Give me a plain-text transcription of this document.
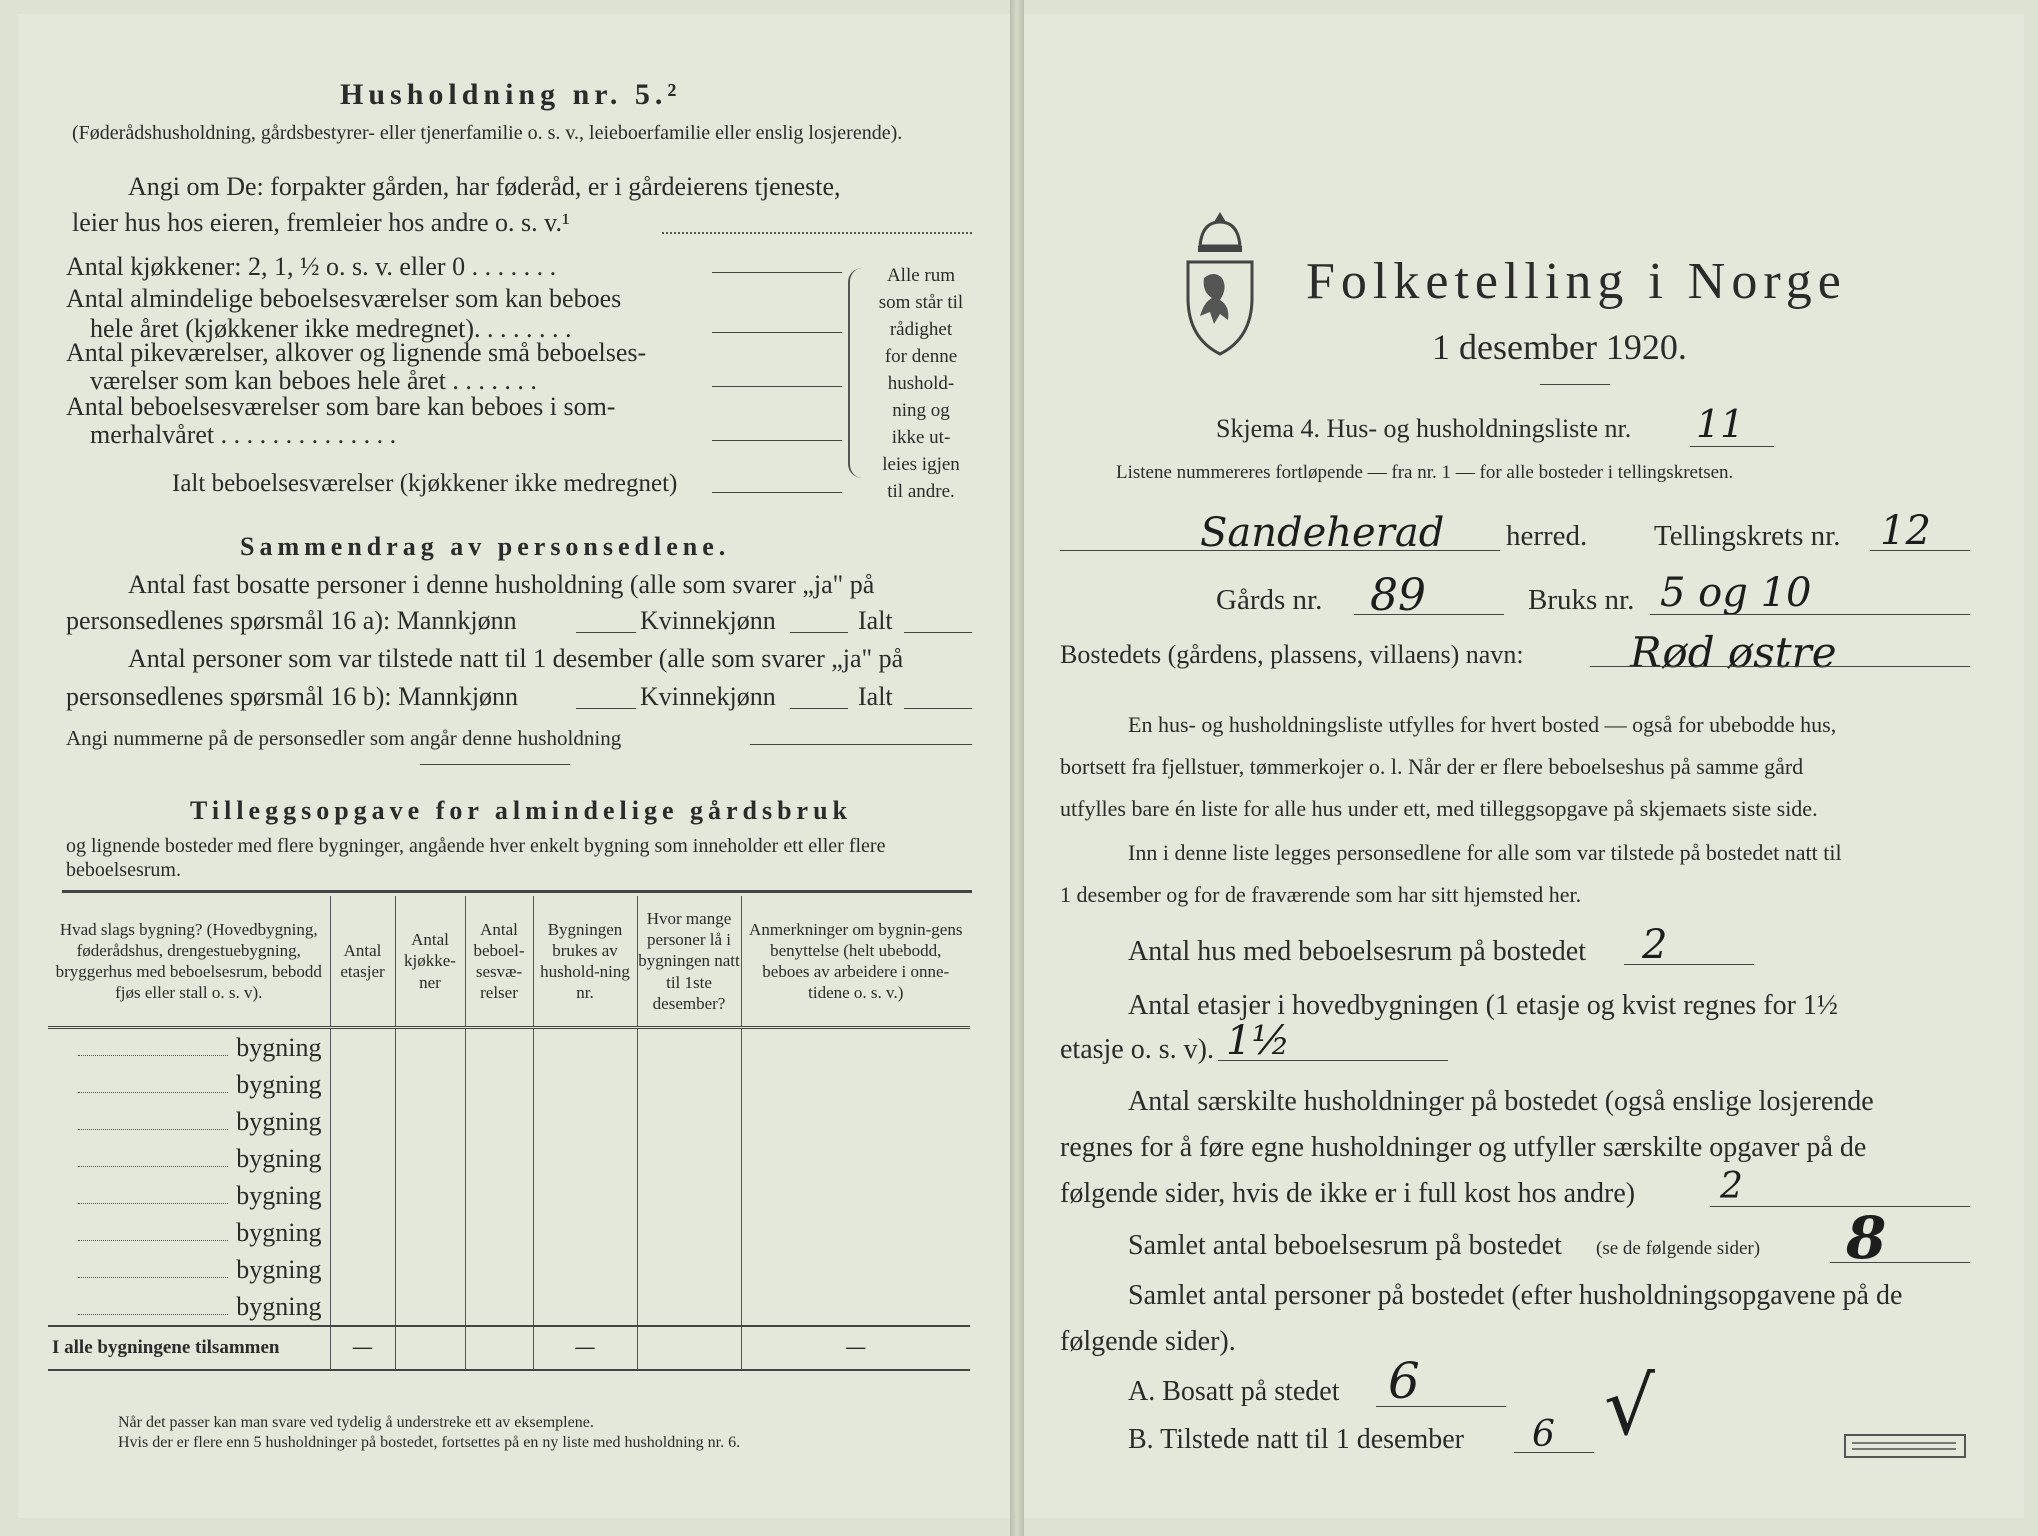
Husholdning nr. 5.²
(Føderådshusholdning, gårdsbestyrer- eller tjenerfamilie o. s. v., leieboerfamilie eller enslig losjerende).
Angi om De: forpakter gården, har føderåd, er i gårdeierens tjeneste,
leier hus hos eieren, fremleier hos andre o. s. v.¹
Antal kjøkkener: 2, 1, ½ o. s. v. eller 0 . . . . . . .
Antal almindelige beboelsesværelser som kan beboes
hele året (kjøkkener ikke medregnet). . . . . . . .
Antal pikeværelser, alkover og lignende små beboelses-
værelser som kan beboes hele året . . . . . . .
Antal beboelsesværelser som bare kan beboes i som-
merhalvåret . . . . . . . . . . . . . .
Alle rum
som står til
rådighet
for denne
hushold-
ning og
ikke ut-
leies igjen
til andre.
Ialt beboelsesværelser (kjøkkener ikke medregnet)
Sammendrag av personsedlene.
Antal fast bosatte personer i denne husholdning (alle som svarer „ja" på
personsedlenes spørsmål 16 a): Mannkjønn	Kvinnekjønn	Ialt
Antal personer som var tilstede natt til 1 desember (alle som svarer „ja" på
personsedlenes spørsmål 16 b): Mannkjønn	Kvinnekjønn	Ialt
Angi nummerne på de personsedler som angår denne husholdning
Tilleggsopgave for almindelige gårdsbruk
og lignende bosteder med flere bygninger, angående hver enkelt bygning som inneholder ett eller flere beboelsesrum.
Hvad slags bygning? (Hovedbygning, føderådshus, drengestuebygning, bryggerhus med beboelsesrum, bebodd fjøs eller stall o. s. v).	Antal etasjer	Antal kjøkke-ner	Antal beboel-sesvæ-relser	Bygningen brukes av hushold-ning nr.	Hvor mange personer lå i bygningen natt til 1ste desember?	Anmerkninger om bygnin-gens benyttelse (helt ubebodd, beboes av arbeidere i onne-tidene o. s. v.)
bygning						
bygning						
bygning						
bygning						
bygning						
bygning						
bygning						
bygning						
I alle bygningene tilsammen	—			—		—
Når det passer kan man svare ved tydelig å understreke ett av eksemplene.
Hvis der er flere enn 5 husholdninger på bostedet, fortsettes på en ny liste med husholdning nr. 6.
Folketelling i Norge
1 desember 1920.
Skjema 4. Hus- og husholdningsliste nr. 11
Listene nummereres fortløpende — fra nr. 1 — for alle bosteder i tellingskretsen.
Sandeherad herred. Tellingskrets nr. 12
Gårds nr. 89	Bruks nr. 5 og 10
Bostedets (gårdens, plassens, villaens) navn:	Rød østre
En hus- og husholdningsliste utfylles for hvert bosted — også for ubebodde hus,
bortsett fra fjellstuer, tømmerkojer o. l. Når der er flere beboelseshus på samme gård
utfylles bare én liste for alle hus under ett, med tilleggsopgave på skjemaets siste side.
Inn i denne liste legges personsedlene for alle som var tilstede på bostedet natt til
1 desember og for de fraværende som har sitt hjemsted her.
Antal hus med beboelsesrum på bostedet 2
Antal etasjer i hovedbygningen (1 etasje og kvist regnes for 1½
etasje o. s. v). 1½
Antal særskilte husholdninger på bostedet (også enslige losjerende
regnes for å føre egne husholdninger og utfyller særskilte opgaver på de
følgende sider, hvis de ikke er i full kost hos andre) 2
Samlet antal beboelsesrum på bostedet (se de følgende sider) 8
Samlet antal personer på bostedet (efter husholdningsopgavene på de
følgende sider).
A. Bosatt på stedet 6
B. Tilstede natt til 1 desember 6 √
